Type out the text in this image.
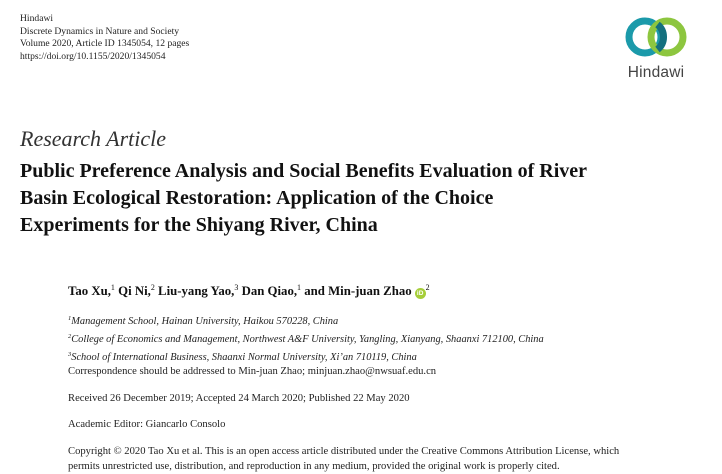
Hindawi
Discrete Dynamics in Nature and Society
Volume 2020, Article ID 1345054, 12 pages
https://doi.org/10.1155/2020/1345054
Hindawi
Research Article
Public Preference Analysis and Social Benefits Evaluation of River
Basin Ecological Restoration: Application of the Choice
Experiments for the Shiyang River, China
Tao Xu,$^1$ Qi Ni,$^2$ Liu-yang Yao,$^3$ Dan Qiao,$^1$ and Min-juan Zhao $iD^2$
$^1$Management School, Hainan University, Haikou 570228, China
$^2$College of Economics and Management, Northwest A&F University, Yangling, Xianyang, Shaanxi 712100, China
$^3$School of International Business, Shaanxi Normal University, Xi’an 710119, China
Correspondence should be addressed to Min-juan Zhao; minjuan.zhao@nwsuaf.edu.cn
Received 26 December 2019; Accepted 24 March 2020; Published 22 May 2020
Academic Editor: Giancarlo Consolo
Copyright © 2020 Tao Xu et al. This is an open access article distributed under the Creative Commons Attribution License, which
permits unrestricted use, distribution, and reproduction in any medium, provided the original work is properly cited.
